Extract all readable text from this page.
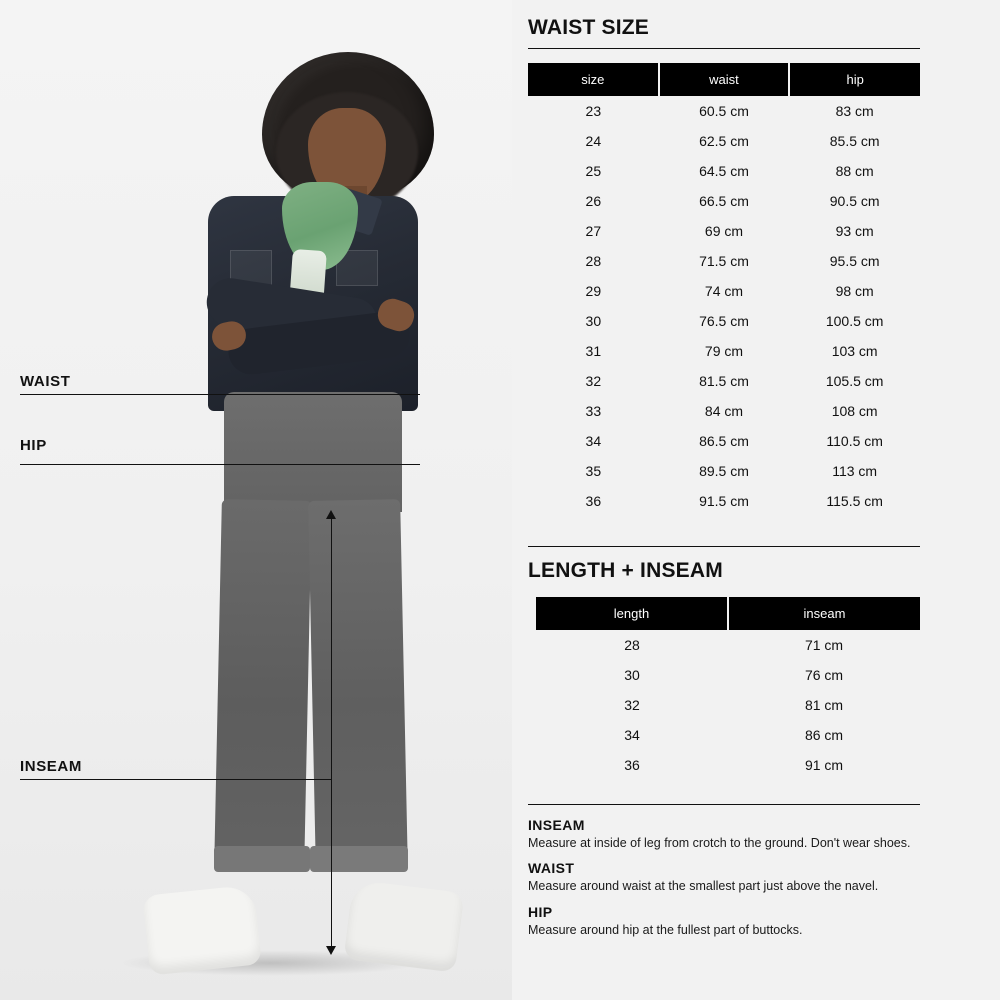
WAIST
HIP
INSEAM
WAIST SIZE
size	waist	hip
23	60.5 cm	83 cm
24	62.5 cm	85.5 cm
25	64.5 cm	88 cm
26	66.5 cm	90.5 cm
27	69 cm	93 cm
28	71.5 cm	95.5 cm
29	74 cm	98 cm
30	76.5 cm	100.5 cm
31	79 cm	103 cm
32	81.5 cm	105.5 cm
33	84 cm	108 cm
34	86.5 cm	110.5 cm
35	89.5 cm	113 cm
36	91.5 cm	115.5 cm
LENGTH + INSEAM
length	inseam
28	71 cm
30	76 cm
32	81 cm
34	86 cm
36	91 cm
INSEAM
Measure at inside of leg from crotch to the ground. Don't wear shoes.
WAIST
Measure around waist at the smallest part just above the navel.
HIP
Measure around hip at the fullest part of buttocks.
